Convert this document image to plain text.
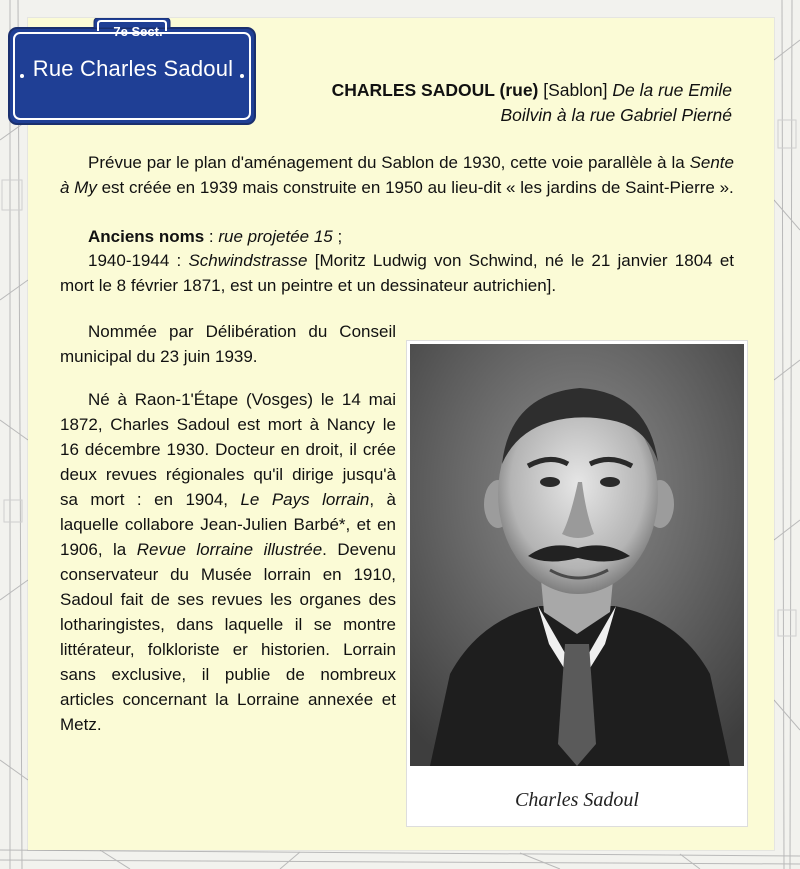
7e Sect.
Rue Charles Sadoul
CHARLES SADOUL (rue) [Sablon] De la rue Emile Boilvin à la rue Gabriel Pierné
Prévue par le plan d'aménagement du Sablon de 1930, cette voie parallèle à la Sente à My est créée en 1939 mais construite en 1950 au lieu-dit « les jardins de Saint-Pierre ».
Anciens noms : rue projetée 15 ;
1940-1944 : Schwindstrasse [Moritz Ludwig von Schwind, né le 21 janvier 1804 et mort le 8 février 1871, est un peintre et un dessinateur autrichien].
Nommée par Délibération du Conseil municipal du 23 juin 1939.
Né à Raon-1'Étape (Vosges) le 14 mai 1872, Charles Sadoul est mort à Nancy le 16 décembre 1930. Docteur en droit, il crée deux revues régionales qu'il dirige jusqu'à sa mort : en 1904, Le Pays lorrain, à laquelle collabore Jean-Julien Barbé*, et en 1906, la Revue lorraine illustrée. Devenu conservateur du Musée lorrain en 1910, Sadoul fait de ses revues les organes des lotharingistes, dans laquelle il se montre littérateur, folkloriste er historien. Lorrain sans exclusive, il publie de nombreux articles concernant la Lorraine annexée et Metz.
Charles Sadoul
